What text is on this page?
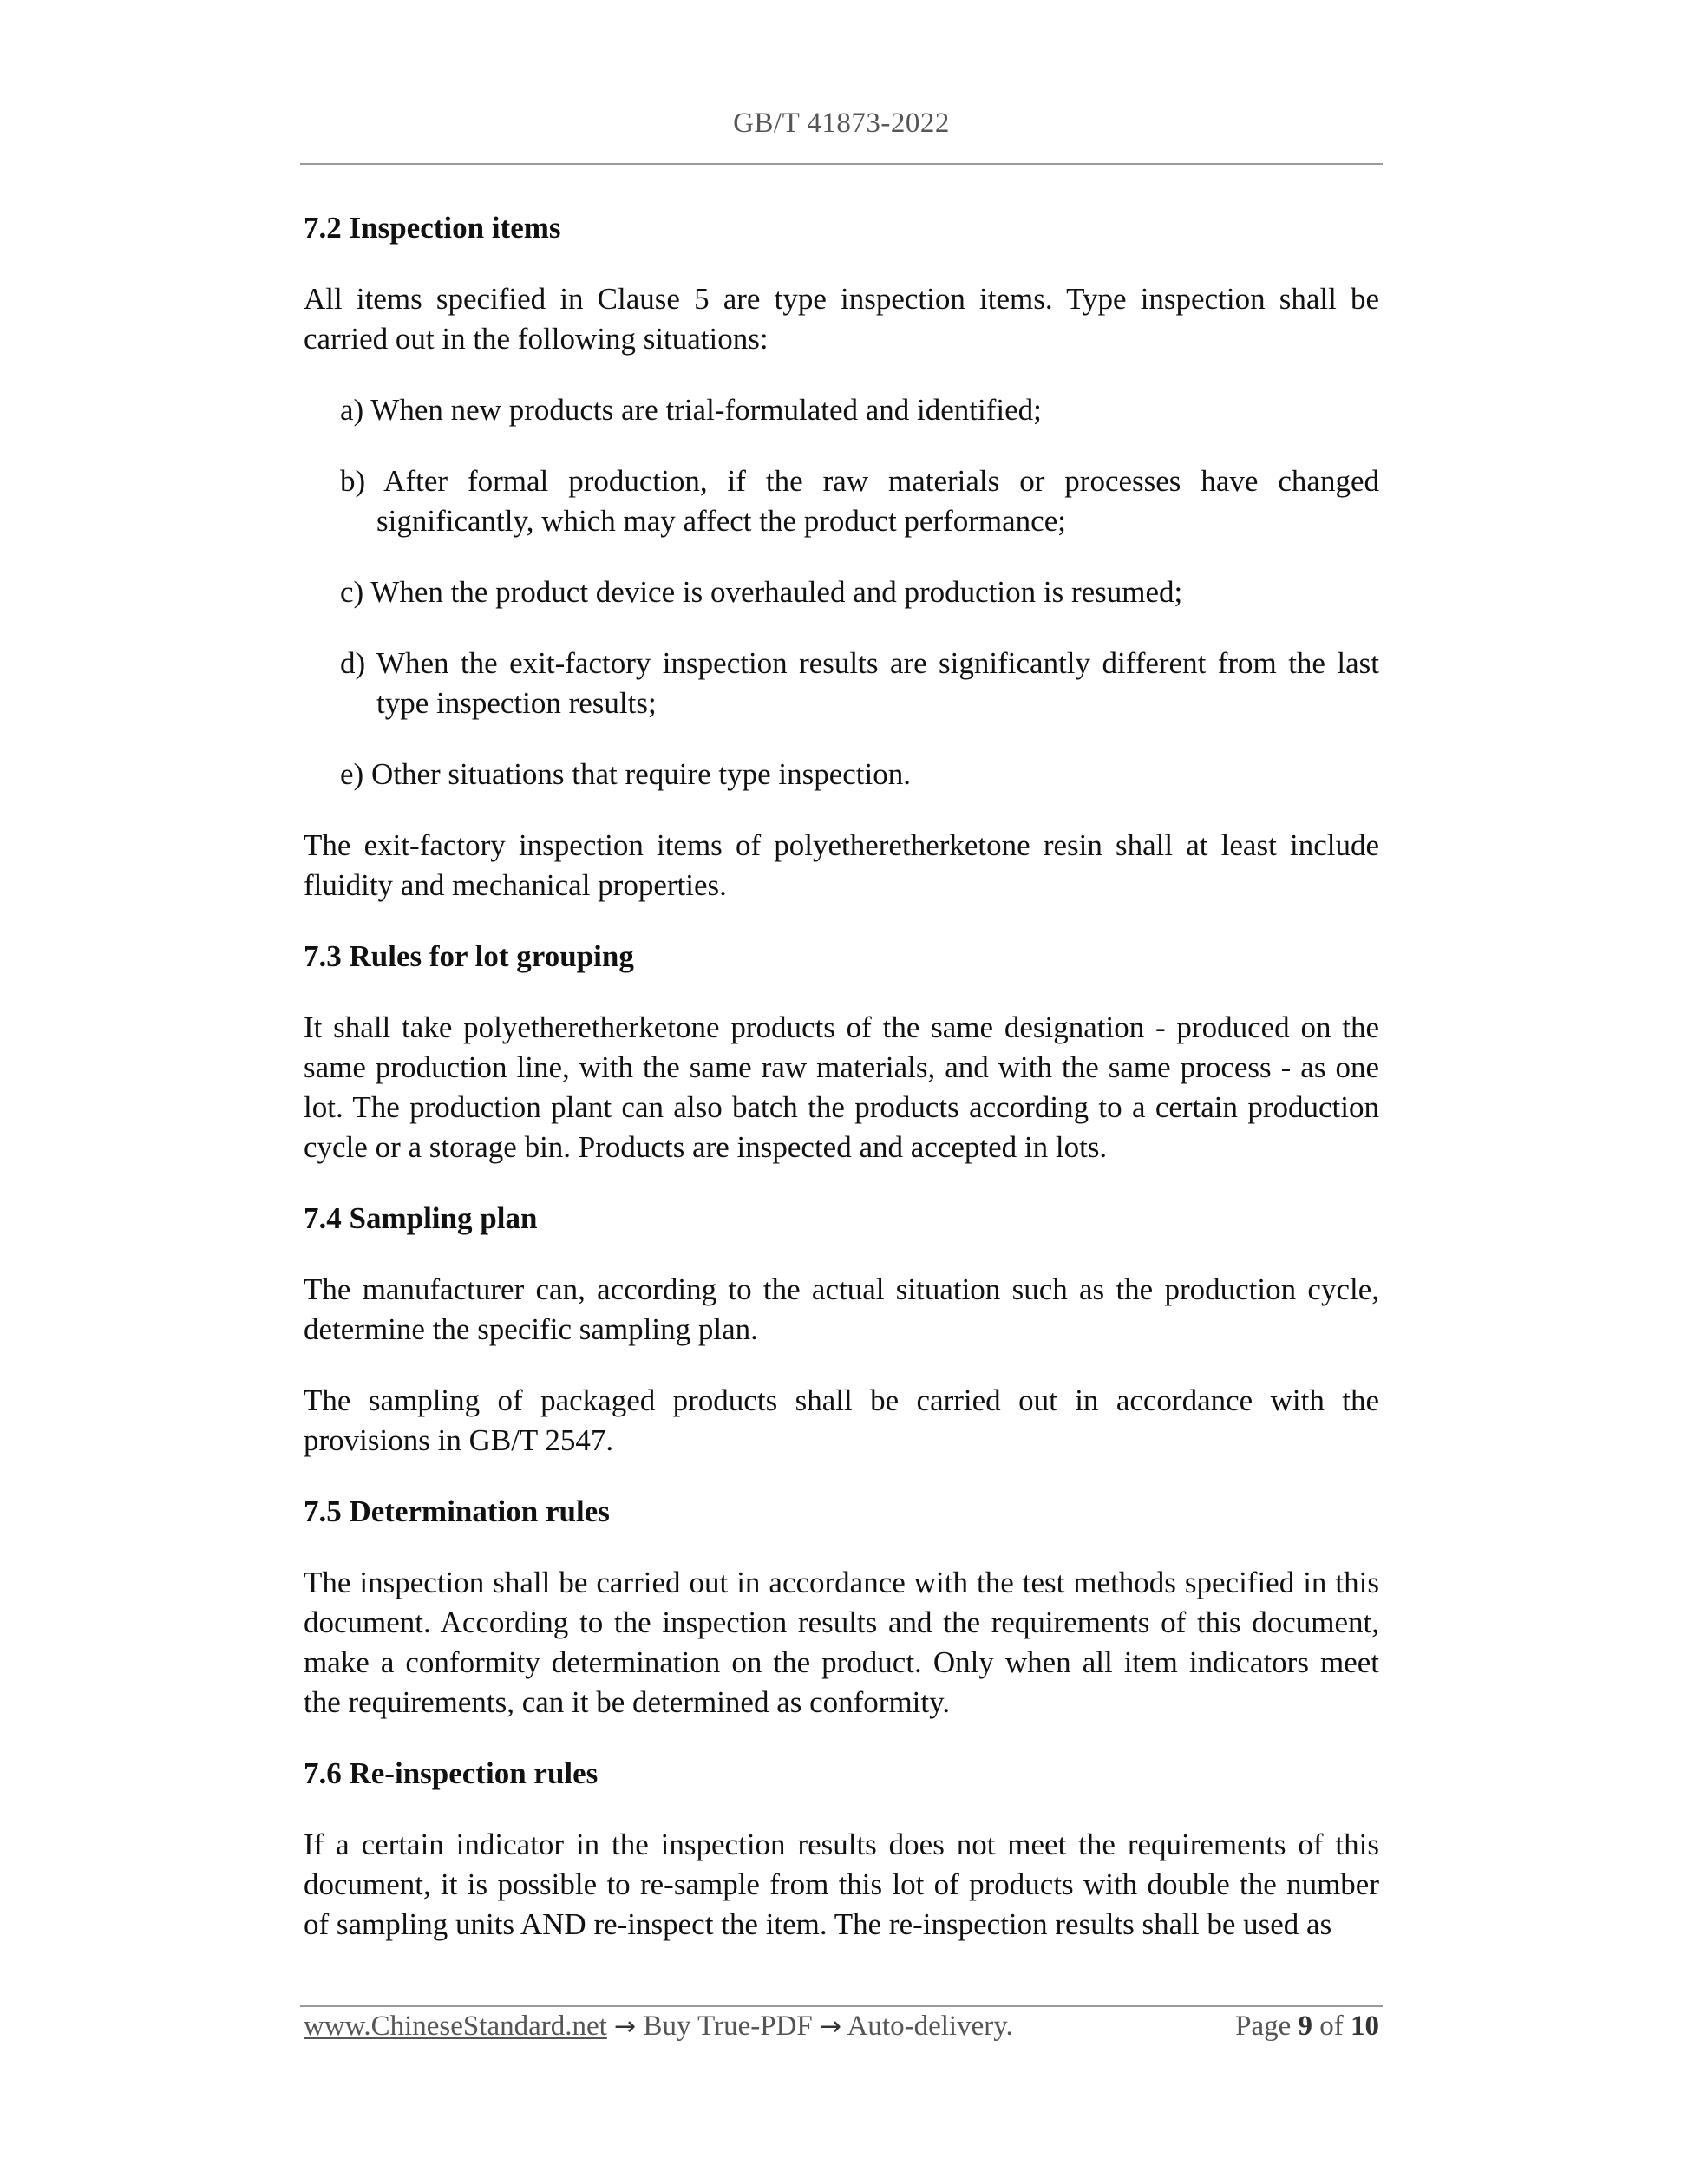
GB/T 41873-2022
7.2 Inspection items

All items specified in Clause 5 are type inspection items. Type inspection shall be carried out in the following situations:

a) When new products are trial-formulated and identified;
b) After formal production, if the raw materials or processes have changed significantly, which may affect the product performance;
c) When the product device is overhauled and production is resumed;
d) When the exit-factory inspection results are significantly different from the last type inspection results;
e) Other situations that require type inspection.

The exit-factory inspection items of polyetheretherketone resin shall at least include fluidity and mechanical properties.

7.3 Rules for lot grouping

It shall take polyetheretherketone products of the same designation - produced on the same production line, with the same raw materials, and with the same process - as one lot. The production plant can also batch the products according to a certain production cycle or a storage bin. Products are inspected and accepted in lots.

7.4 Sampling plan

The manufacturer can, according to the actual situation such as the production cycle, determine the specific sampling plan.

The sampling of packaged products shall be carried out in accordance with the provisions in GB/T 2547.

7.5 Determination rules

The inspection shall be carried out in accordance with the test methods specified in this document. According to the inspection results and the requirements of this document, make a conformity determination on the product. Only when all item indicators meet the requirements, can it be determined as conformity.

7.6 Re-inspection rules

If a certain indicator in the inspection results does not meet the requirements of this document, it is possible to re-sample from this lot of products with double the number of sampling units AND re-inspect the item. The re-inspection results shall be used as

www.ChineseStandard.net → Buy True-PDF → Auto-delivery.	Page 9 of 10
